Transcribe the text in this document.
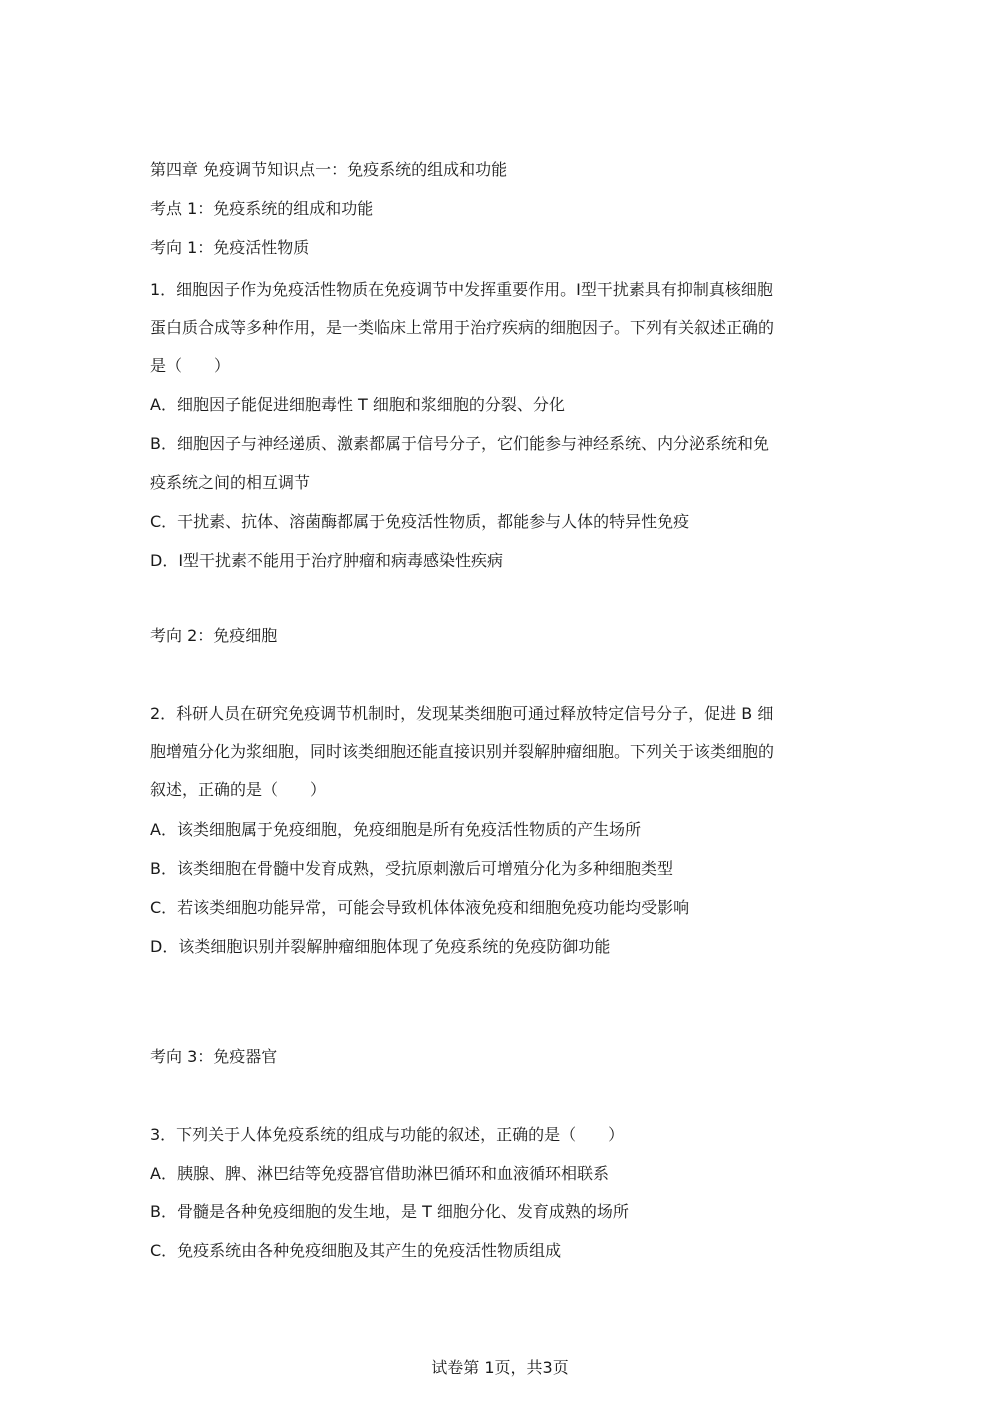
第四章 免疫调节知识点一：免疫系统的组成和功能
考点 1：免疫系统的组成和功能
考向 1：免疫活性物质
1．细胞因子作为免疫活性物质在免疫调节中发挥重要作用。Ⅰ型干扰素具有抑制真核细胞
蛋白质合成等多种作用，是一类临床上常用于治疗疾病的细胞因子。下列有关叙述正确的
是（　　）
A．细胞因子能促进细胞毒性 T 细胞和浆细胞的分裂、分化
B．细胞因子与神经递质、激素都属于信号分子，它们能参与神经系统、内分泌系统和免
疫系统之间的相互调节
C．干扰素、抗体、溶菌酶都属于免疫活性物质，都能参与人体的特异性免疫
D．Ⅰ型干扰素不能用于治疗肿瘤和病毒感染性疾病
考向 2：免疫细胞
2．科研人员在研究免疫调节机制时，发现某类细胞可通过释放特定信号分子，促进 B 细
胞增殖分化为浆细胞，同时该类细胞还能直接识别并裂解肿瘤细胞。下列关于该类细胞的
叙述，正确的是（　　）
A．该类细胞属于免疫细胞，免疫细胞是所有免疫活性物质的产生场所
B．该类细胞在骨髓中发育成熟，受抗原刺激后可增殖分化为多种细胞类型
C．若该类细胞功能异常，可能会导致机体体液免疫和细胞免疫功能均受影响
D．该类细胞识别并裂解肿瘤细胞体现了免疫系统的免疫防御功能
考向 3：免疫器官
3．下列关于人体免疫系统的组成与功能的叙述，正确的是（　　）
A．胰腺、脾、淋巴结等免疫器官借助淋巴循环和血液循环相联系
B．骨髓是各种免疫细胞的发生地，是 T 细胞分化、发育成熟的场所
C．免疫系统由各种免疫细胞及其产生的免疫活性物质组成
试卷第 1页，共3页
